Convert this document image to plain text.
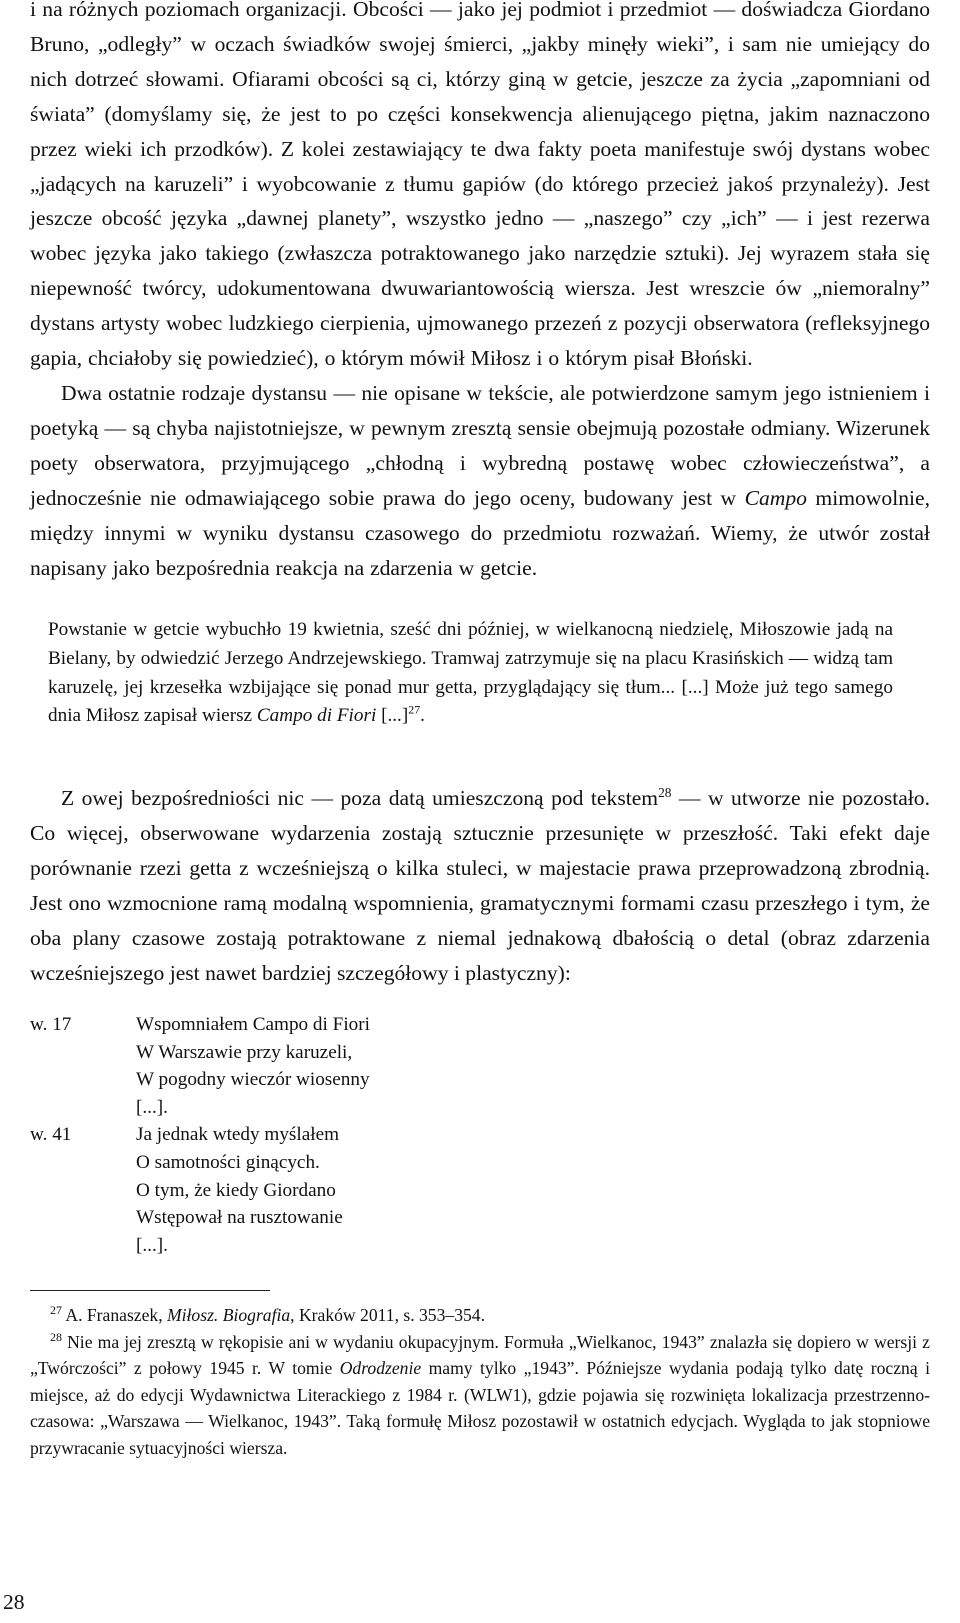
i na różnych poziomach organizacji. Obcości — jako jej podmiot i przedmiot — doświadcza Giordano Bruno, „odległy” w oczach świadków swojej śmierci, „jakby minęły wieki”, i sam nie umiejący do nich dotrzeć słowami. Ofiarami obcości są ci, którzy giną w getcie, jeszcze za życia „zapomniani od świata” (domyślamy się, że jest to po części konsekwencja alienującego piętna, jakim naznaczono przez wieki ich przodków). Z kolei zestawiający te dwa fakty poeta manifestuje swój dystans wobec „jadących na karuzeli” i wyobcowanie z tłumu gapiów (do którego przecież jakoś przynależy). Jest jeszcze obcość języka „dawnej planety”, wszystko jedno — „naszego” czy „ich” — i jest rezerwa wobec języka jako takiego (zwłaszcza potraktowanego jako narzędzie sztuki). Jej wyrazem stała się niepewność twórcy, udokumentowana dwuwariantowością wiersza. Jest wreszcie ów „niemoralny” dystans artysty wobec ludzkiego cierpienia, ujmowanego przezeń z pozycji obserwatora (refleksyjnego gapia, chciałoby się powiedzieć), o którym mówił Miłosz i o którym pisał Błoński.

Dwa ostatnie rodzaje dystansu — nie opisane w tekście, ale potwierdzone samym jego istnieniem i poetyką — są chyba najistotniejsze, w pewnym zresztą sensie obejmują pozostałe odmiany. Wizerunek poety obserwatora, przyjmującego „chłodną i wybredną postawę wobec człowieczeństwa”, a jednocześnie nie odmawiającego sobie prawa do jego oceny, budowany jest w Campo mimowolnie, między innymi w wyniku dystansu czasowego do przedmiotu rozważań. Wiemy, że utwór został napisany jako bezpośrednia reakcja na zdarzenia w getcie.

Powstanie w getcie wybuchło 19 kwietnia, sześć dni później, w wielkanocną niedzielę, Miłoszowie jadą na Bielany, by odwiedzić Jerzego Andrzejewskiego. Tramwaj zatrzymuje się na placu Krasińskich — widzą tam karuzelę, jej krzesełka wzbijające się ponad mur getta, przyglądający się tłum... [...] Może już tego samego dnia Miłosz zapisał wiersz Campo di Fiori [...]$^{27}$.

Z owej bezpośredniości nic — poza datą umieszczoną pod tekstem$^{28}$ — w utworze nie pozostało. Co więcej, obserwowane wydarzenia zostają sztucznie przesunięte w przeszłość. Taki efekt daje porównanie rzezi getta z wcześniejszą o kilka stuleci, w majestacie prawa przeprowadzoną zbrodnią. Jest ono wzmocnione ramą modalną wspomnienia, gramatycznymi formami czasu przeszłego i tym, że oba plany czasowe zostają potraktowane z niemal jednakową dbałością o detal (obraz zdarzenia wcześniejszego jest nawet bardziej szczegółowy i plastyczny):

w. 17	Wspomniałem Campo di Fiori
W Warszawie przy karuzeli,
W pogodny wieczór wiosenny
[...].
w. 41	Ja jednak wtedy myślałem
O samotności ginących.
O tym, że kiedy Giordano
Wstępował na rusztowanie
[...].

$^{27}$ A. Franaszek, Miłosz. Biografia, Kraków 2011, s. 353–354.

$^{28}$ Nie ma jej zresztą w rękopisie ani w wydaniu okupacyjnym. Formuła „Wielkanoc, 1943” znalazła się dopiero w wersji z „Twórczości” z połowy 1945 r. W tomie Odrodzenie mamy tylko „1943”. Późniejsze wydania podają tylko datę roczną i miejsce, aż do edycji Wydawnictwa Literackiego z 1984 r. (WLW1), gdzie pojawia się rozwinięta lokalizacja przestrzenno-czasowa: „Warszawa — Wielkanoc, 1943”. Taką formułę Miłosz pozostawił w ostatnich edycjach. Wygląda to jak stopniowe przywracanie sytuacyjności wiersza.

28
